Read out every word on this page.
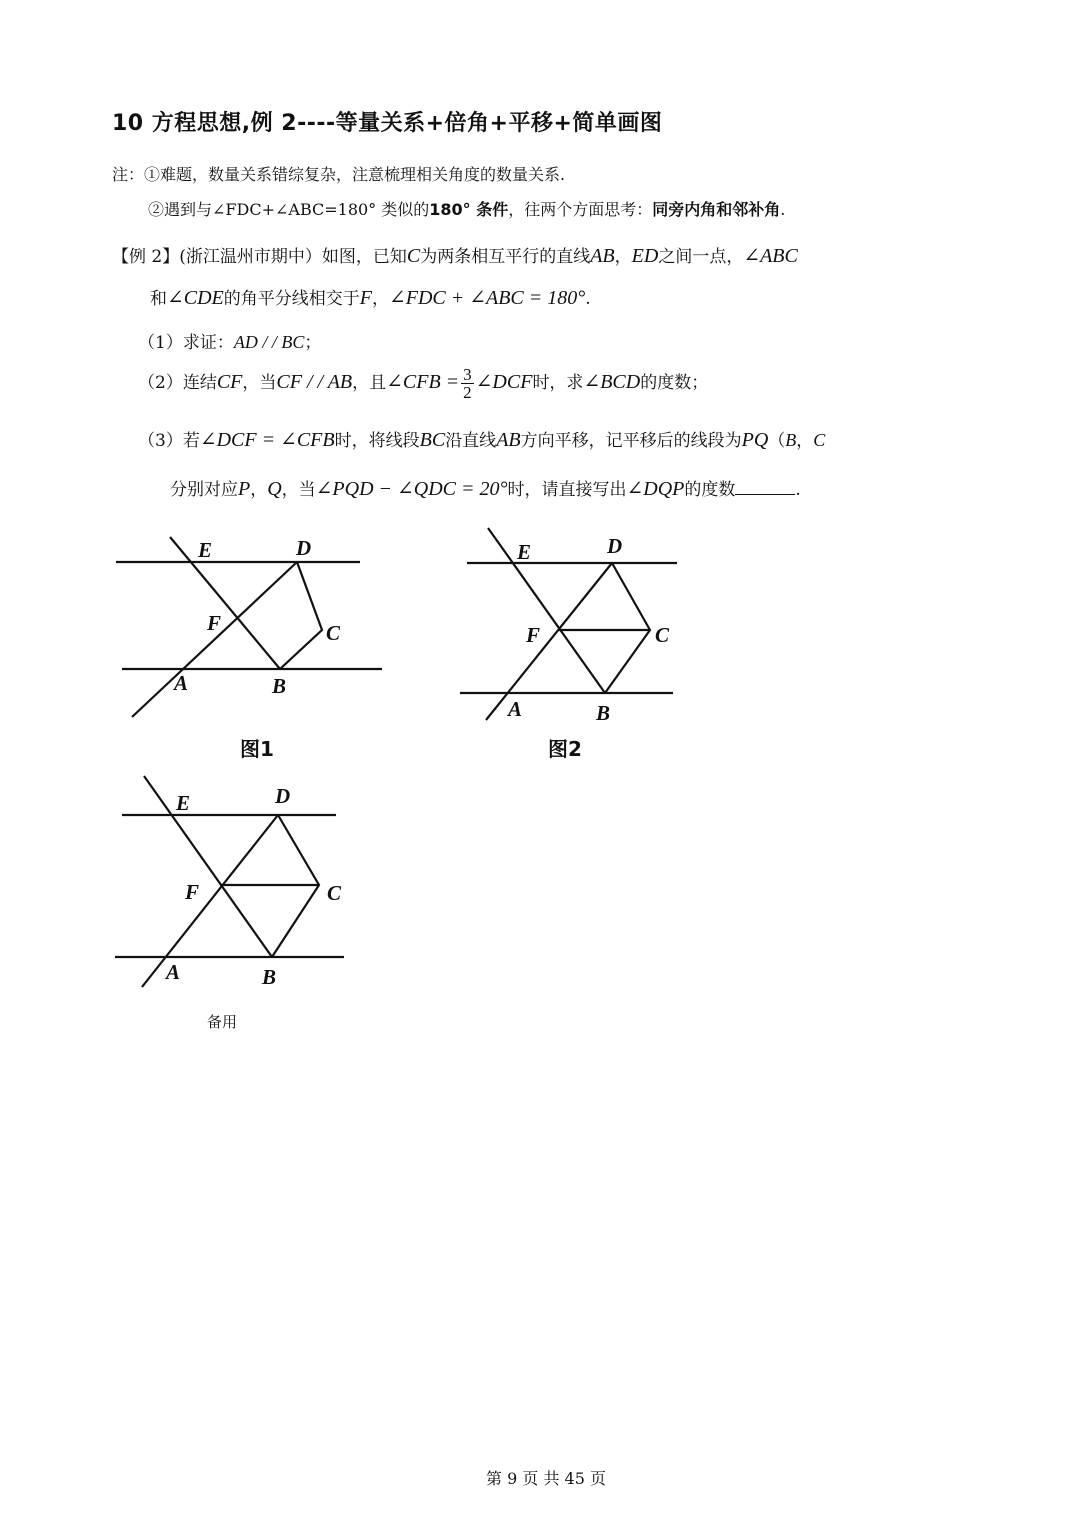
10 方程思想,例 2----等量关系+倍角+平移+简单画图
注：①难题，数量关系错综复杂，注意梳理相关角度的数量关系.
②遇到与∠FDC+∠ABC=180° 类似的180° 条件，往两个方面思考：同旁内角和邻补角.
【例 2】(浙江温州市期中）如图，已知C为两条相互平行的直线AB，ED之间一点，∠ABC
和∠CDE的角平分线相交于F，∠FDC + ∠ABC = 180°.
（1）求证：AD / / BC；
（2）连结CF，当CF / / AB，且∠CFB = $\frac{3}{2}$ ∠DCF时，求∠BCD的度数；
（3）若∠DCF = ∠CFB时，将线段BC沿直线AB方向平移，记平移后的线段为PQ（B，C
分别对应P，Q，当∠PQD − ∠QDC = 20°时，请直接写出∠DQP的度数	.
E	D
F	C
A	B
E	D
F	C
A	B
E	D
F	C
A	B
图1	图2
备用
第 9 页 共 45 页
